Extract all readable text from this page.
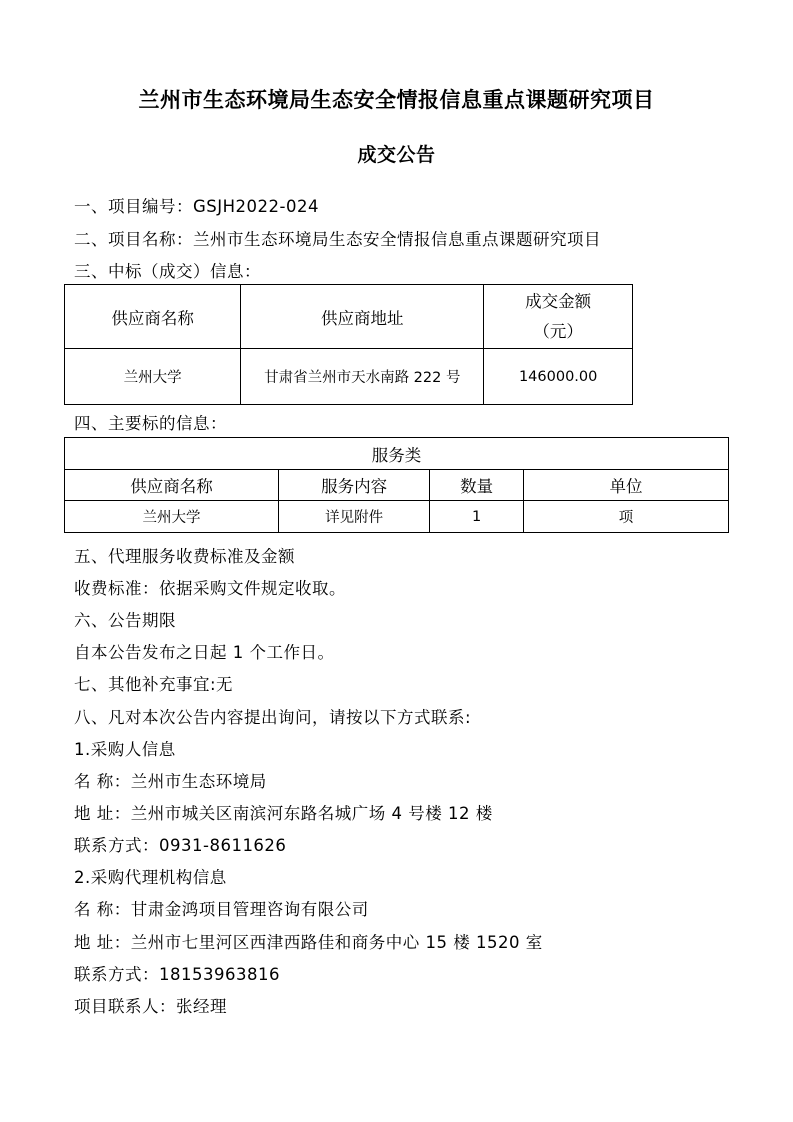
兰州市生态环境局生态安全情报信息重点课题研究项目
成交公告
一、项目编号：GSJH2022-024
二、项目名称：兰州市生态环境局生态安全情报信息重点课题研究项目
三、中标（成交）信息：
供应商名称	供应商地址	成交金额
（元）

兰州大学	甘肃省兰州市天水南路 222 号	146000.00
四、主要标的信息：
服务类			
供应商名称	服务内容	数量	单位
兰州大学	详见附件	1	项
五、代理服务收费标准及金额
收费标准：依据采购文件规定收取。
六、公告期限
自本公告发布之日起 1 个工作日。
七、其他补充事宜:无
八、凡对本次公告内容提出询问，请按以下方式联系:
1.采购人信息
名 称：兰州市生态环境局
地 址：兰州市城关区南滨河东路名城广场 4 号楼 12 楼
联系方式：0931-8611626
2.采购代理机构信息
名 称：甘肃金鸿项目管理咨询有限公司
地 址：兰州市七里河区西津西路佳和商务中心 15 楼 1520 室
联系方式：18153963816
项目联系人：张经理
